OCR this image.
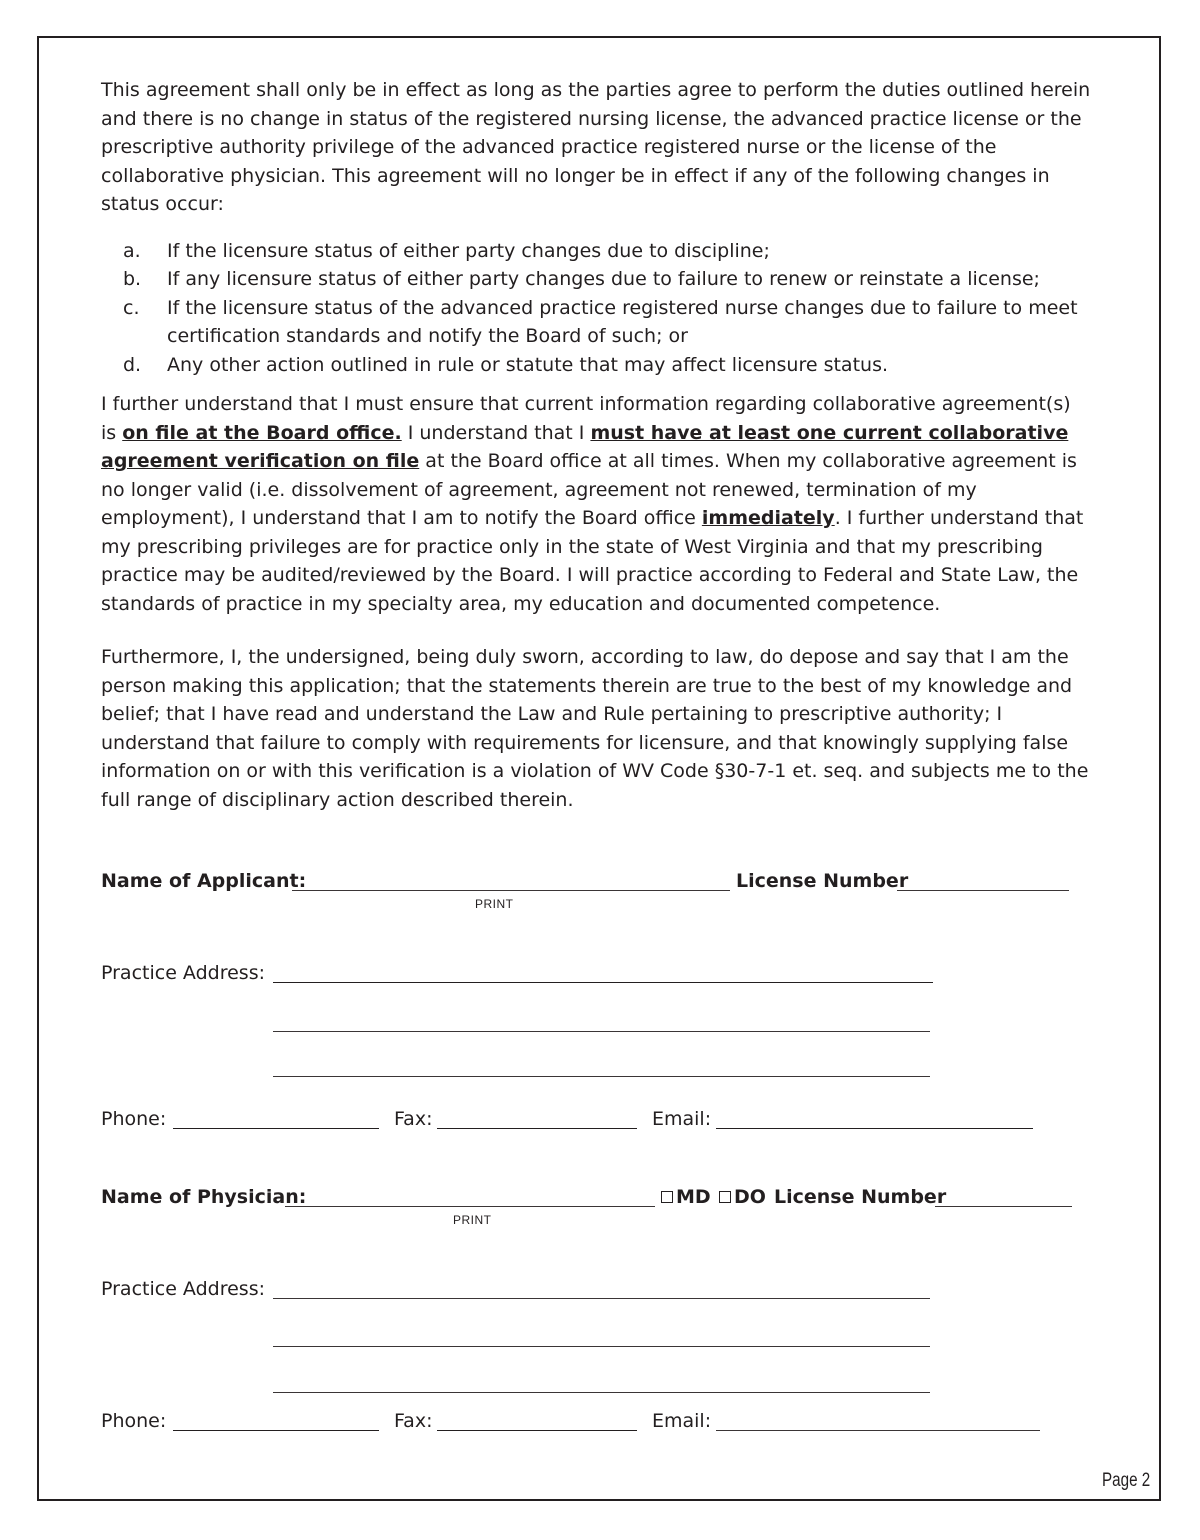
This agreement shall only be in effect as long as the parties agree to perform the duties outlined herein and there is no change in status of the registered nursing license, the advanced practice license or the prescriptive authority privilege of the advanced practice registered nurse or the license of the collaborative physician. This agreement will no longer be in effect if any of the following changes in status occur:

a. If the licensure status of either party changes due to discipline;
b. If any licensure status of either party changes due to failure to renew or reinstate a license;
c. If the licensure status of the advanced practice registered nurse changes due to failure to meet certification standards and notify the Board of such; or
d. Any other action outlined in rule or statute that may affect licensure status.

I further understand that I must ensure that current information regarding collaborative agreement(s) is on file at the Board office. I understand that I must have at least one current collaborative agreement verification on file at the Board office at all times. When my collaborative agreement is no longer valid (i.e. dissolvement of agreement, agreement not renewed, termination of my employment), I understand that I am to notify the Board office immediately. I further understand that my prescribing privileges are for practice only in the state of West Virginia and that my prescribing practice may be audited/reviewed by the Board. I will practice according to Federal and State Law, the standards of practice in my specialty area, my education and documented competence.

Furthermore, I, the undersigned, being duly sworn, according to law, do depose and say that I am the person making this application; that the statements therein are true to the best of my knowledge and belief; that I have read and understand the Law and Rule pertaining to prescriptive authority; I understand that failure to comply with requirements for licensure, and that knowingly supplying false information on or with this verification is a violation of WV Code §30-7-1 et. seq. and subjects me to the full range of disciplinary action described therein.

Name of Applicant:	License Number
PRINT
Practice Address:
Phone:	Fax:	Email:
Name of Physician:	MD	DO License Number
PRINT
Practice Address:
Phone:	Fax:	Email:
Page 2
